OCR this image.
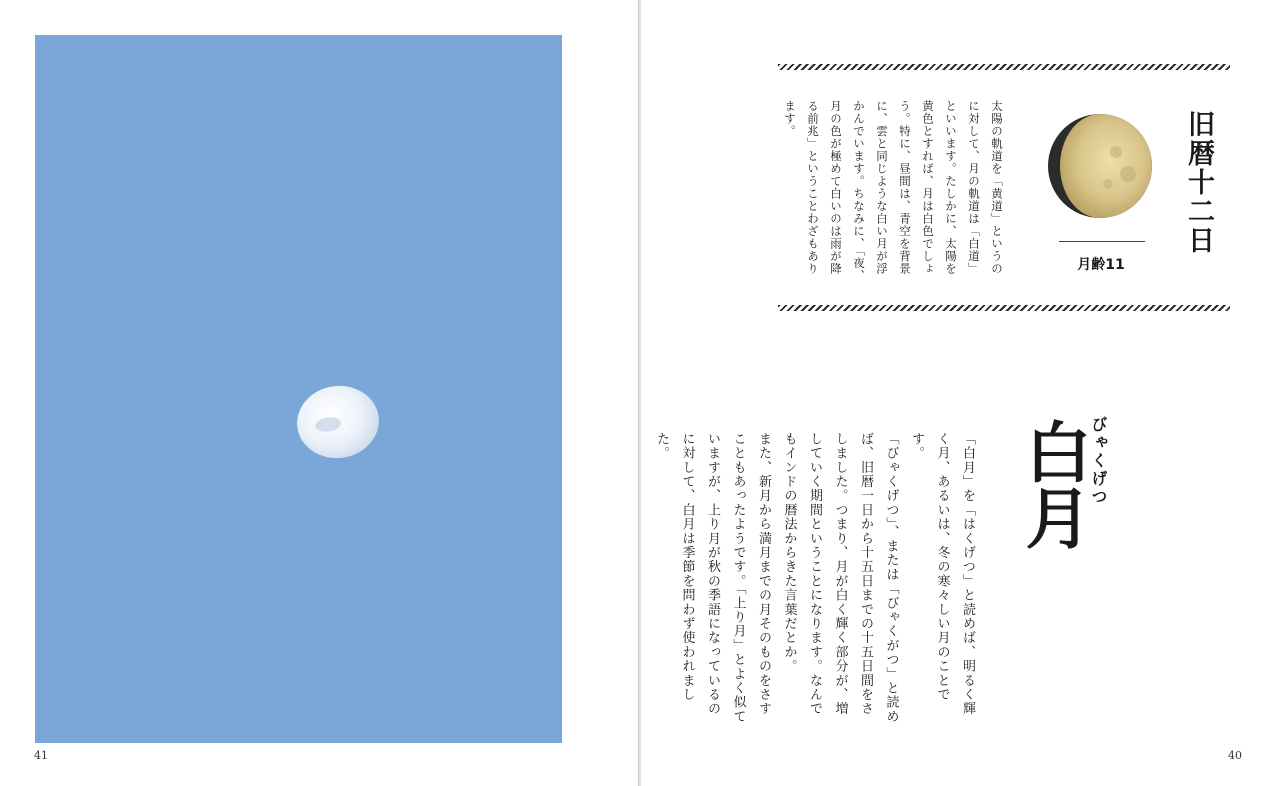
41
旧暦十二日
月齢11

太陽の軌道を「黄道」というのに対して、月の軌道は「白道」といいます。たしかに、太陽を黄色とすれば、月は白色でしょう。特に、昼間は、青空を背景に、雲と同じような白い月が浮かんでいます。ちなみに、「夜、月の色が極めて白いのは雨が降る前兆」ということわざもあります。

びゃくげつ
白月

「白月」を「はくげつ」と読めば、明るく輝く月、あるいは、冬の寒々しい月のことです。

「びゃくげつ」、または「びゃくがつ」と読めば、旧暦一日から十五日までの十五日間をさしました。つまり、月が白く輝く部分が、増していく期間ということになります。なんでもインドの暦法からきた言葉だとか。

また、新月から満月までの月そのものをさすこともあったようです。「上り月」とよく似ていますが、上り月が秋の季語になっているのに対して、白月は季節を問わず使われました。

40
